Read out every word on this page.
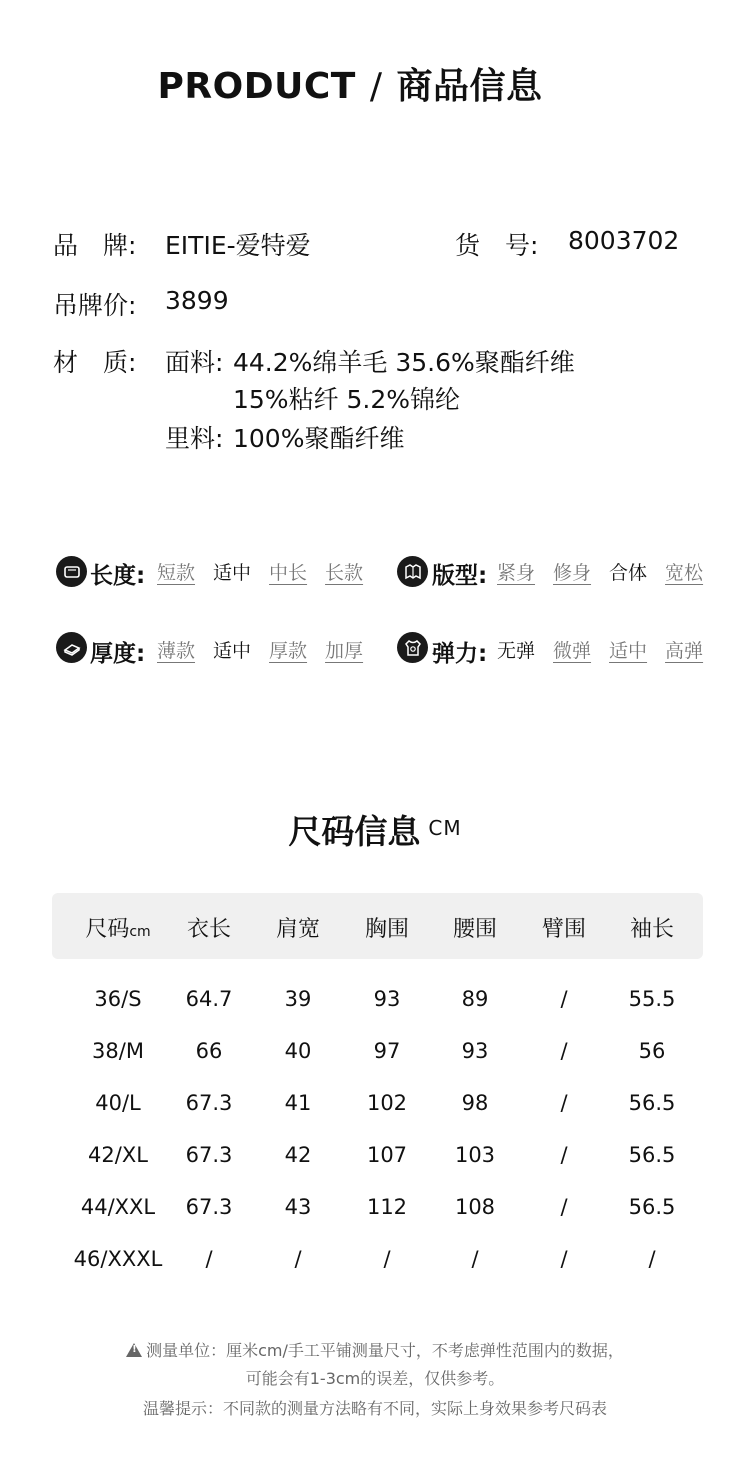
PRODUCT / 商品信息
品　牌: EITIE-爱特爱	货　号: 8003702
吊牌价: 3899
材　质: 面料: 44.2%绵羊毛 35.6%聚酯纤维
15%粘纤 5.2%锦纶
里料: 100%聚酯纤维
长度: 短款 适中 中长 长款	版型: 紧身 修身 合体 宽松
厚度: 薄款 适中 厚款 加厚	弹力: 无弹 微弹 适中 高弹
尺码信息 $^{CM}$
尺码cm	衣长	肩宽	胸围	腰围	臂围	袖长
36/S	64.7	39	93	89	/	55.5
38/M	66	40	97	93	/	56
40/L	67.3	41	102	98	/	56.5
42/XL	67.3	42	107	103	/	56.5
44/XXL	67.3	43	112	108	/	56.5
46/XXXL	/	/	/	/	/	/
!测量单位：厘米cm/手工平铺测量尺寸，不考虑弹性范围内的数据，
可能会有1-3cm的误差，仅供参考。
温馨提示：不同款的测量方法略有不同，实际上身效果参考尺码表
